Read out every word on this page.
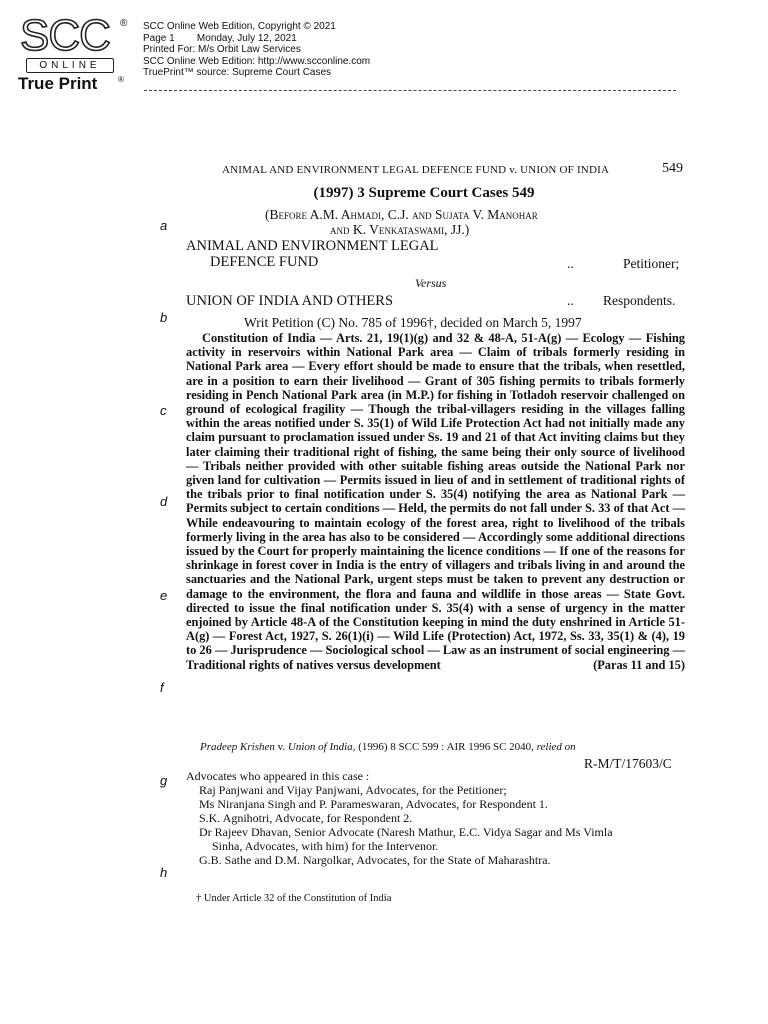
SCC ®
ONLINE
True Print	®
SCC Online Web Edition, Copyright © 2021
Page 1        Monday, July 12, 2021
Printed For: M/s Orbit Law Services
SCC Online Web Edition: http://www.scconline.com
TruePrint™ source: Supreme Court Cases
a
b
c
d
e
f
g
h
ANIMAL AND ENVIRONMENT LEGAL DEFENCE FUND v. UNION OF INDIA	549
(1997) 3 Supreme Court Cases 549
(Before A.M. Ahmadi, C.J. and Sujata V. Manohar
and K. Venkataswami, JJ.)
ANIMAL AND ENVIRONMENT LEGAL
DEFENCE FUND	..	Petitioner;
Versus
UNION OF INDIA AND OTHERS	.. Respondents.
Writ Petition (C) No. 785 of 1996†, decided on March 5, 1997

Constitution of India — Arts. 21, 19(1)(g) and 32 & 48-A, 51-A(g) — Ecology — Fishing activity in reservoirs within National Park area — Claim of tribals formerly residing in National Park area — Every effort should be made to ensure that the tribals, when resettled, are in a position to earn their livelihood — Grant of 305 fishing permits to tribals formerly residing in Pench National Park area (in M.P.) for fishing in Totladoh reservoir challenged on ground of ecological fragility — Though the tribal-villagers residing in the villages falling within the areas notified under S. 35(1) of Wild Life Protection Act had not initially made any claim pursuant to proclamation issued under Ss. 19 and 21 of that Act inviting claims but they later claiming their traditional right of fishing, the same being their only source of livelihood — Tribals neither provided with other suitable fishing areas outside the National Park nor given land for cultivation — Permits issued in lieu of and in settlement of traditional rights of the tribals prior to final notification under S. 35(4) notifying the area as National Park — Permits subject to certain conditions — Held, the permits do not fall under S. 33 of that Act — While endeavouring to maintain ecology of the forest area, right to livelihood of the tribals formerly living in the area has also to be considered — Accordingly some additional directions issued by the Court for properly maintaining the licence conditions — If one of the reasons for shrinkage in forest cover in India is the entry of villagers and tribals living in and around the sanctuaries and the National Park, urgent steps must be taken to prevent any destruction or damage to the environment, the flora and fauna and wildlife in those areas — State Govt. directed to issue the final notification under S. 35(4) with a sense of urgency in the matter enjoined by Article 48-A of the Constitution keeping in mind the duty enshrined in Article 51-A(g) — Forest Act, 1927, S. 26(1)(i) — Wild Life (Protection) Act, 1972, Ss. 33, 35(1) & (4), 19 to 26 — Jurisprudence — Sociological school — Law as an instrument of social engineering — Traditional rights of natives versus development	(Paras 11 and 15)

Pradeep Krishen v. Union of India, (1996) 8 SCC 599 : AIR 1996 SC 2040, relied on
R-M/T/17603/C
Advocates who appeared in this case :
Raj Panjwani and Vijay Panjwani, Advocates, for the Petitioner;
Ms Niranjana Singh and P. Parameswaran, Advocates, for Respondent 1.
S.K. Agnihotri, Advocate, for Respondent 2.
Dr Rajeev Dhavan, Senior Advocate (Naresh Mathur, E.C. Vidya Sagar and Ms Vimla
Sinha, Advocates, with him) for the Intervenor.
G.B. Sathe and D.M. Nargolkar, Advocates, for the State of Maharashtra.
† Under Article 32 of the Constitution of India
